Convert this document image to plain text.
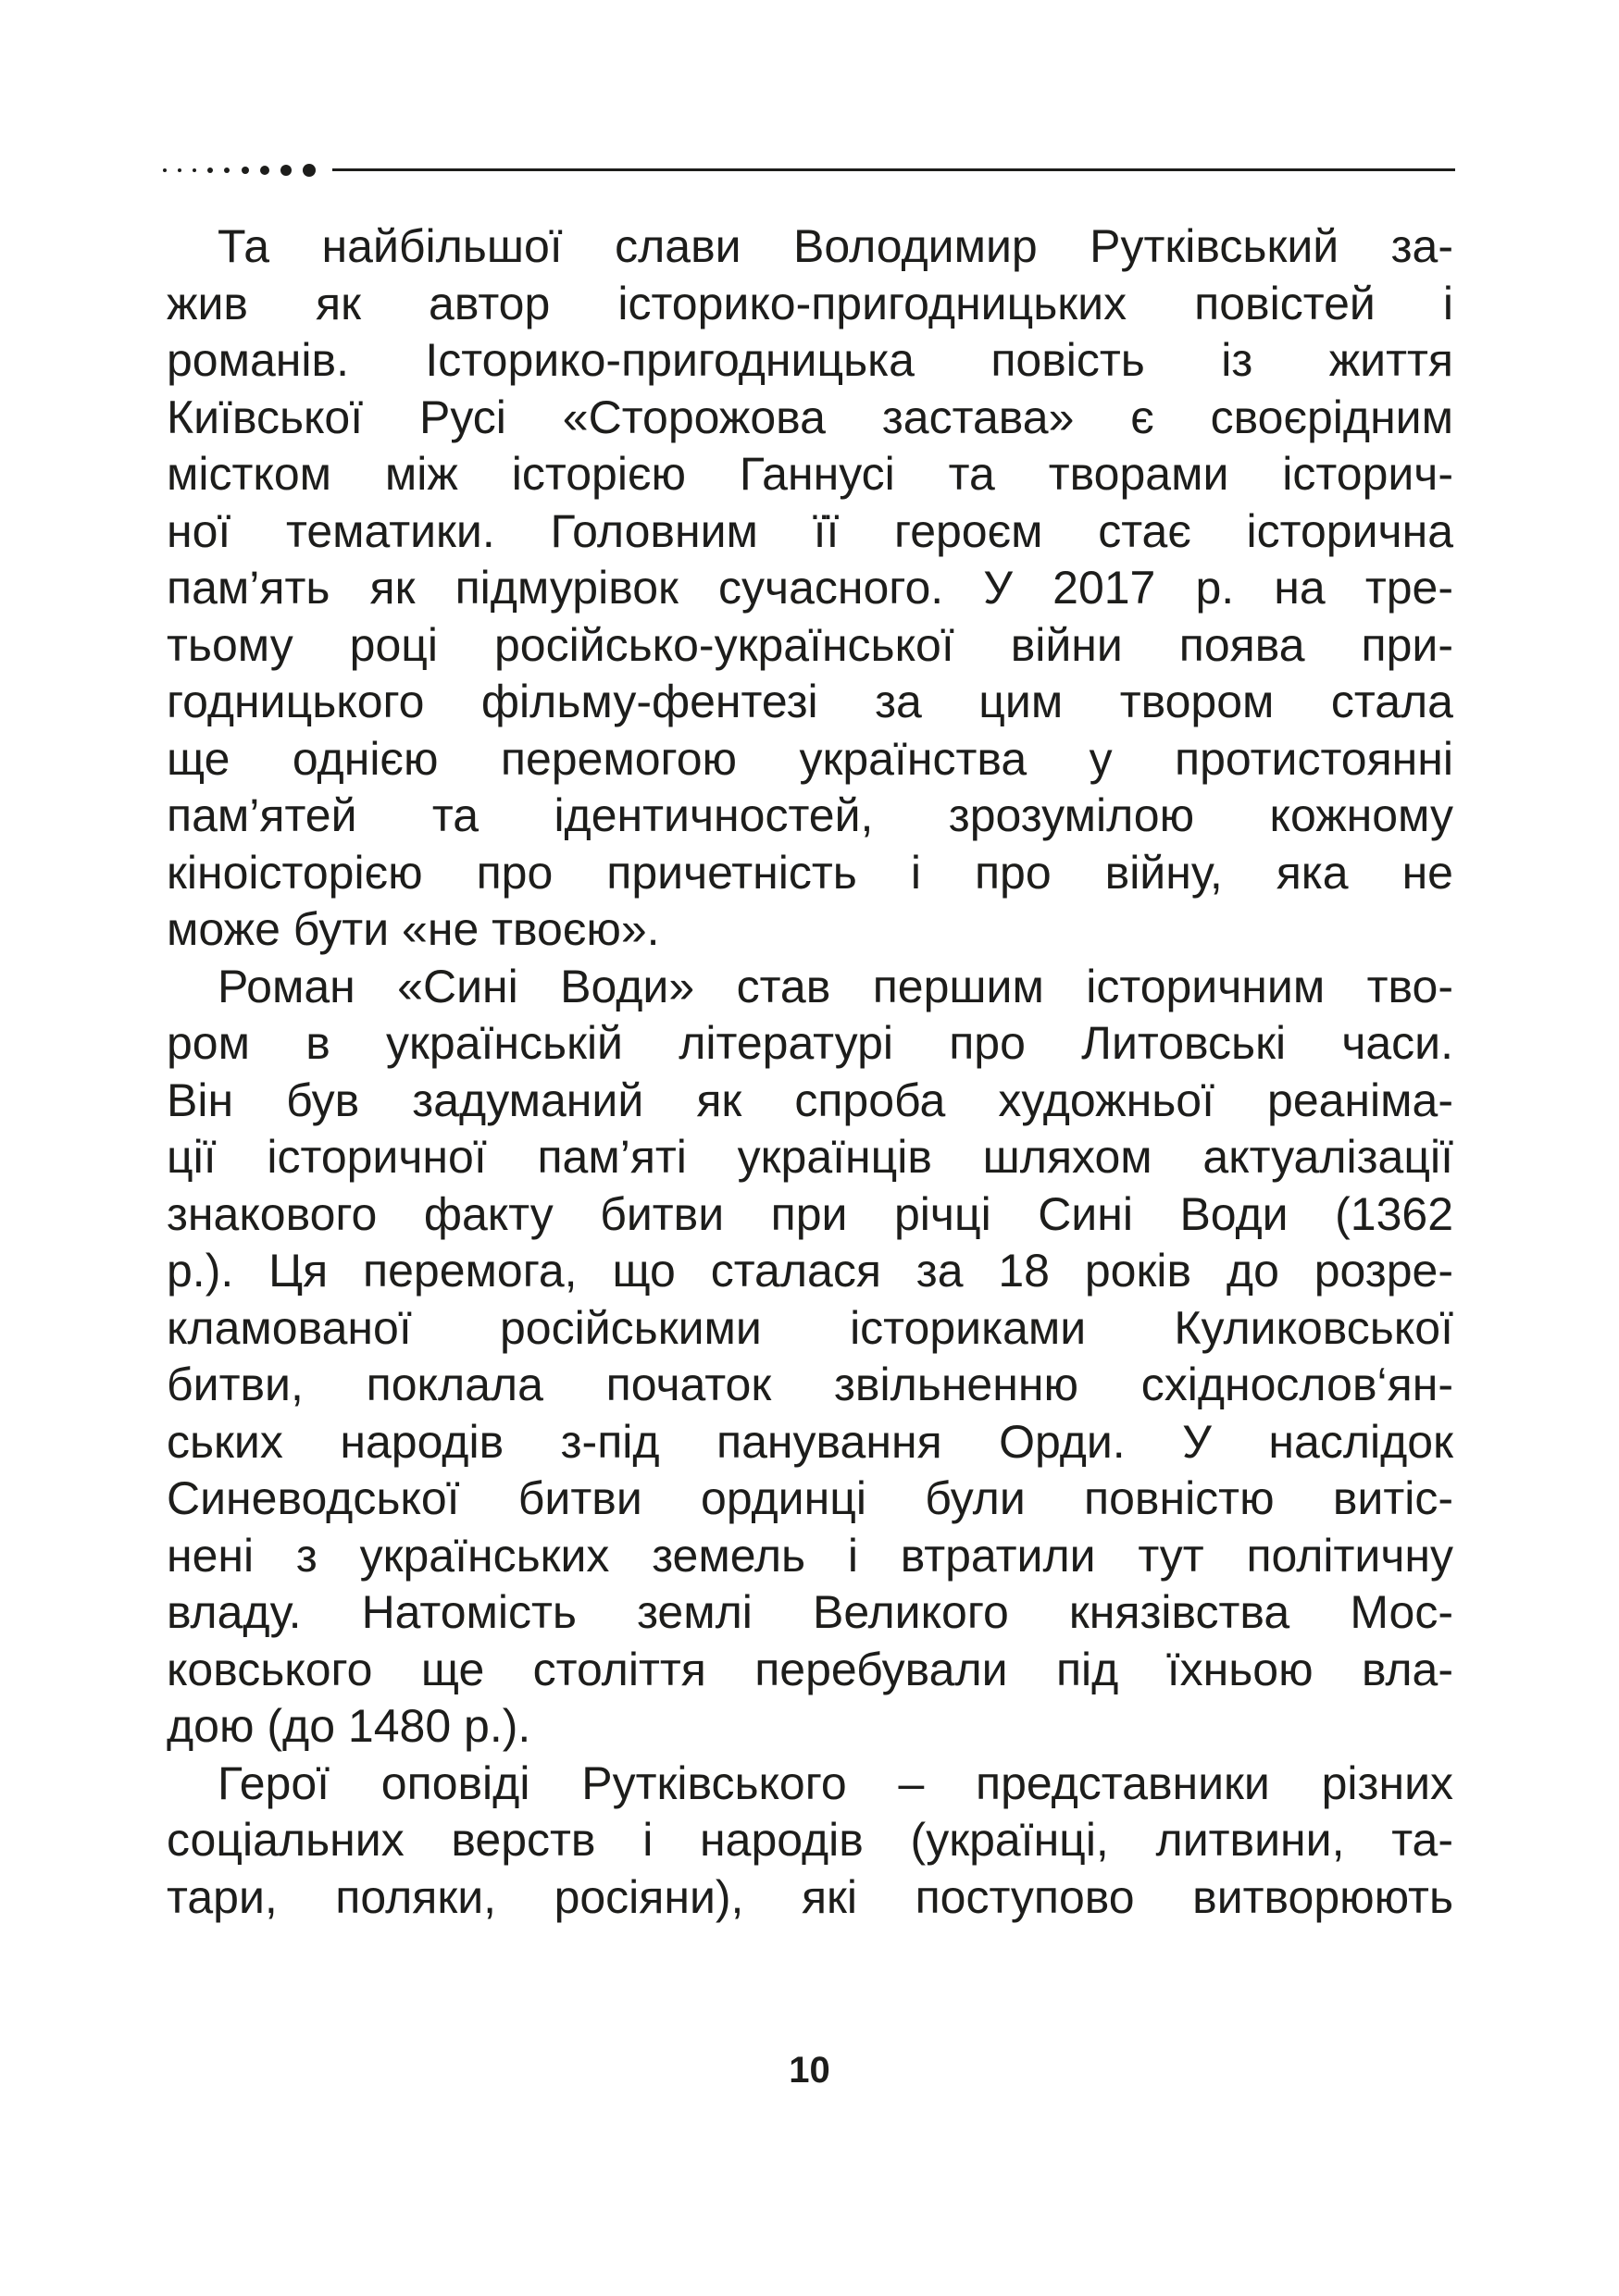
Та найбільшої слави Володимир Рутківський за-
жив як автор історико-пригодницьких повістей і
романів. Історико-пригодницька повість із життя
Київської Русі «Сторожова застава» є своєрідним
містком між історією Ганнусі та творами історич-
ної тематики. Головним її героєм стає історична
пам’ять як підмурівок сучасного. У 2017 р. на тре-
тьому році російсько-української війни поява при-
годницького фільму-фентезі за цим твором стала
ще однією перемогою українства у протистоянні
пам’ятей та ідентичностей, зрозумілою кожному
кіноісторією про причетність і про війну, яка не
може бути «не твоєю».

Роман «Сині Води» став першим історичним тво-
ром в українській літературі про Литовські часи.
Він був задуманий як спроба художньої реаніма-
ції історичної пам’яті українців шляхом актуалізації
знакового факту битви при річці Сині Води (1362
р.). Ця перемога, що сталася за 18 років до розре-
кламованої російськими істориками Куликовської
битви, поклала початок звільненню східнослов‘ян-
ських народів з-під панування Орди. У наслідок
Синеводської битви ординці були повністю витіс-
нені з українських земель і втратили тут політичну
владу. Натомість землі Великого князівства Мос-
ковського ще століття перебували під їхньою вла-
дою (до 1480 р.).

Герої оповіді Рутківського – представники різних
соціальних верств і народів (українці, литвини, та-
тари, поляки, росіяни), які поступово витворюють

10
